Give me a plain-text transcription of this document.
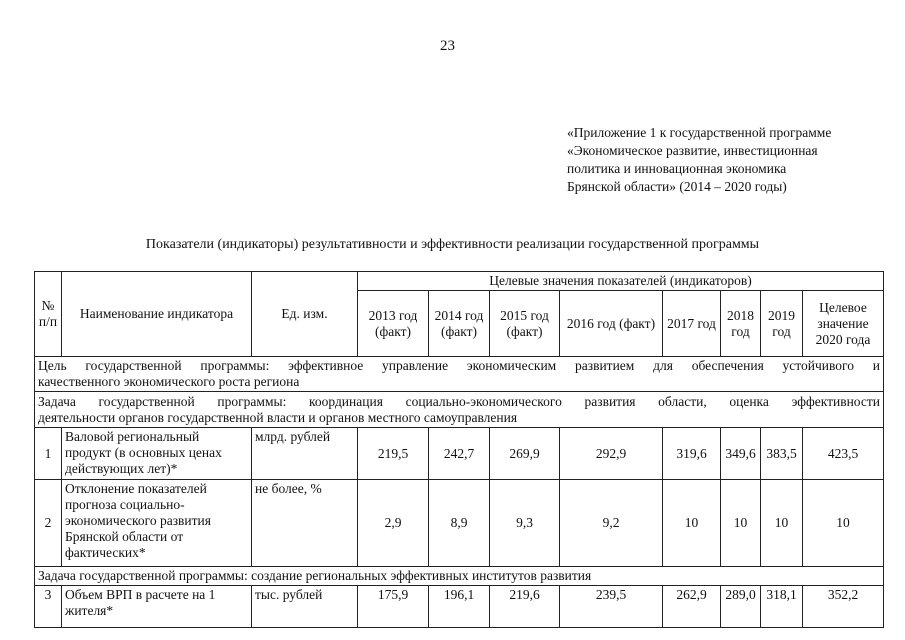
23
«Приложение 1 к государственной программе
«Экономическое развитие, инвестиционная
политика и инновационная экономика
Брянской области» (2014 – 2020 годы)
Показатели (индикаторы) результативности и эффективности реализации государственной программы
№ п/п	Наименование индикатора	Ед. изм.	Целевые значения показателей (индикаторов)							
			2013 год (факт)	2014 год (факт)	2015 год (факт)	2016 год (факт)	2017 год	2018 год	2019 год	Целевое значение 2020 года

Цель государственной программы: эффективное управление экономическим развитием для обеспечения устойчивого и
качественного экономического роста региона										

Задача государственной программы: координация социально-экономического развития области, оценка эффективности
деятельности органов государственной власти и органов местного самоуправления										

1	Валовой региональный продукт (в основных ценах действующих лет)*	млрд. рублей	219,5	242,7	269,9	292,9	319,6	349,6	383,5	423,5
2	Отклонение показателей прогноза социально-экономического развития Брянской области от фактических*	не более, %	2,9	8,9	9,3	9,2	10	10	10	10
Задача государственной программы: создание региональных эффективных институтов развития										
3	Объем ВРП в расчете на 1 жителя*	тыс. рублей	175,9	196,1	219,6	239,5	262,9	289,0	318,1	352,2
